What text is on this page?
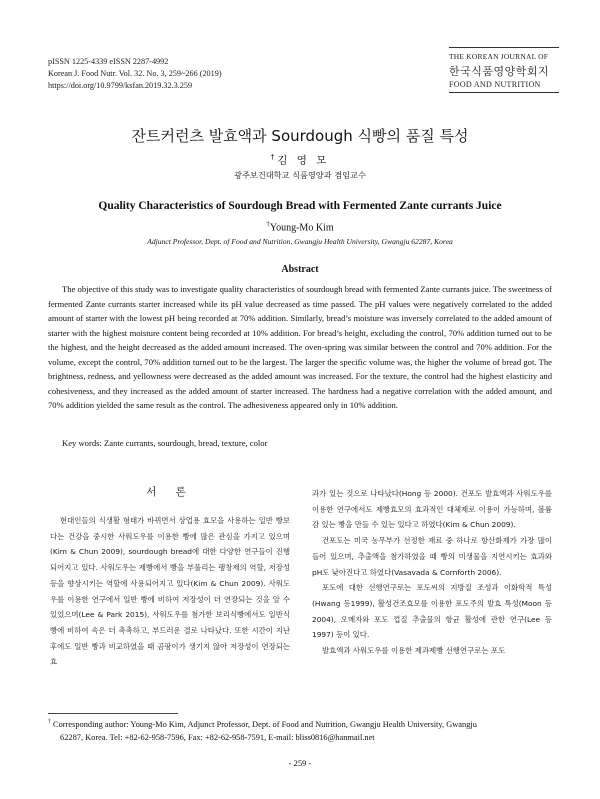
pISSN 1225-4339 eISSN 2287-4992
Korean J. Food Nutr. Vol. 32. No. 3, 259~266 (2019)
https://doi.org/10.9799/ksfan.2019.32.3.259
THE KOREAN JOURNAL OF
한국식품영양학회지
FOOD AND NUTRITION
잔트커런츠 발효액과 Sourdough 식빵의 품질 특성
†김 영 모
광주보건대학교 식품영양과 겸임교수
Quality Characteristics of Sourdough Bread with Fermented Zante currants Juice
†Young-Mo Kim
Adjunct Professor, Dept. of Food and Nutrition, Gwangju Health University, Gwangju 62287, Korea
Abstract

The objective of this study was to investigate quality characteristics of sourdough bread with fermented Zante currants juice. The sweetness of fermented Zante currants starter increased while its pH value decreased as time passed. The pH values were negatively correlated to the added amount of starter with the lowest pH being recorded at 70% addition. Similarly, bread’s moisture was inversely correlated to the added amount of starter with the highest moisture content being recorded at 10% addition. For bread’s height, excluding the control, 70% addition turned out to be the highest, and the height decreased as the added amount increased. The oven-spring was similar between the control and 70% addition. For the volume, except the control, 70% addition turned out to be the largest. The larger the specific volume was, the higher the volume of bread got. The brightness, redness, and yellowness were decreased as the added amount was increased. For the texture, the control had the highest elasticity and cohesiveness, and they increased as the added amount of starter increased. The hardness had a negative correlation with the added amount, and 70% addition yielded the same result as the control. The adhesiveness appeared only in 10% addition.

Key words: Zante currants, sourdough, bread, texture, color
서 론

현대인들의 식생활 형태가 바뀌면서 상업용 효모을 사용하는 일반 빵보다는 건강을 중시한 사워도우를 이용한 빵에 많은 관심을 가지고 있으며(Kim & Chun 2009), sourdough bread에 대한 다양한 연구들이 진행되어지고 있다. 사워도우는 제빵에서 빵을 부풀리는 팽창제의 역할, 저장성 등을 향상시키는 역할에 사용되어지고 있다(Kim & Chun 2009). 사워도우를 이용한 연구에서 일반 빵에 비하여 저장성이 더 연장되는 것을 알 수 있었으며(Lee & Park 2015), 사워도우를 첨가한 보리식빵에서도 일반식빵에 비하여 속은 더 촉촉하고, 부드러운 결로 나타났다. 또한 시간이 지난 후에도 일반 빵과 비교하였을 때 곰팡이가 생기지 않아 저장성이 연장되는 효

과가 있는 것으로 나타났다(Hong 등 2000). 건포도 발효액과 사워도우를 이용한 연구에서도 제빵효모의 효과적인 대체제로 이용이 가능하며, 볼륨감 있는 빵을 만들 수 있는 있다고 하였다(Kim & Chun 2009).

건포도는 미국 농무부가 선정한 재료 중 하나로 항산화제가 가장 많이 들어 있으며, 추출액을 첨가하였을 때 빵의 미생물을 지연시키는 효과와 pH도 낮아진다고 하였다(Vasavada & Cornforth 2006).

포도에 대한 선행연구로는 포도씨의 지방질 조성과 이화학적 특성(Hwang 등1999), 활성건조효모를 이용한 포도주의 발효 특성(Moon 등 2004), 오메자와 포도 껍질 추출물의 항균 활성에 관한 연구(Lee 등 1997) 등이 있다.

발효액과 사워도우를 이용한 제과제빵 선행연구로는 포도

† Corresponding author: Young-Mo Kim, Adjunct Professor, Dept. of Food and Nutrition, Gwangju Health University, Gwangju
62287, Korea. Tel: +82-62-958-7596, Fax: +82-62-958-7591, E-mail: bliss0816@hanmail.net
- 259 -
